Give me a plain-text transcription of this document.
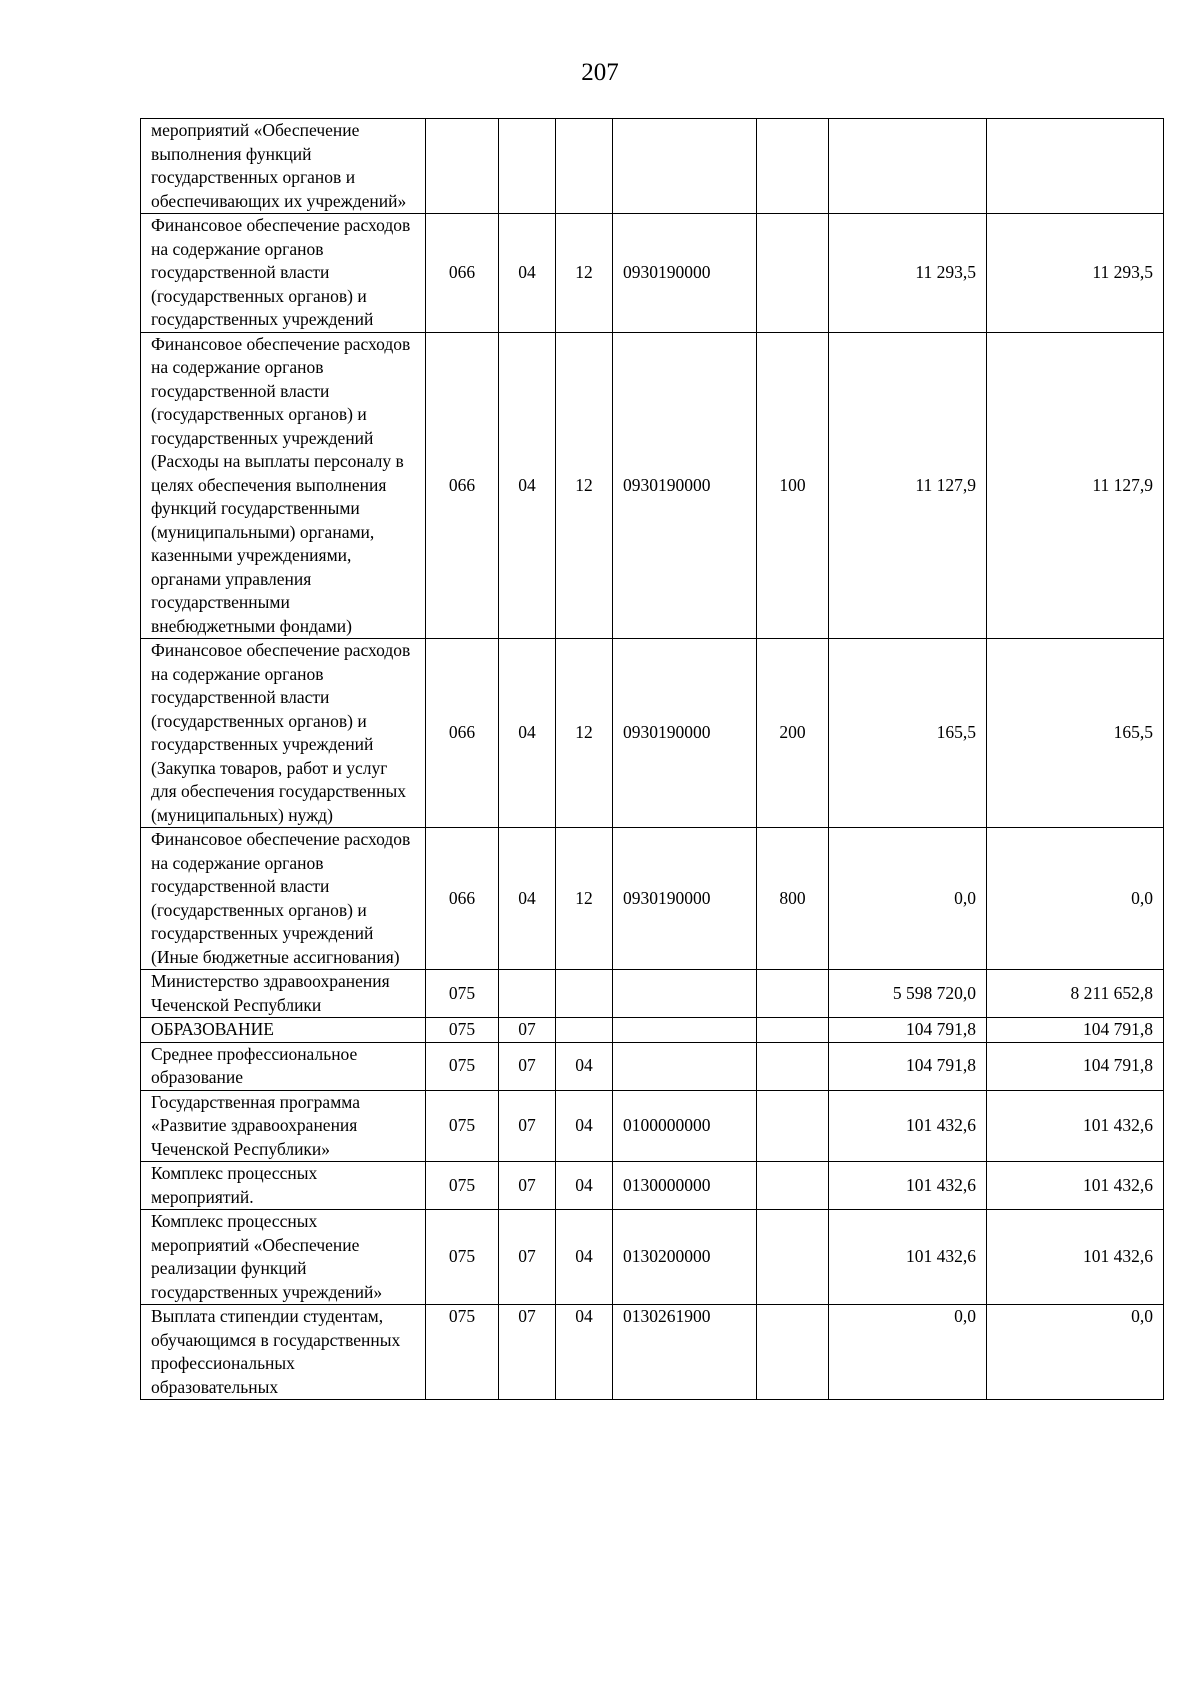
207
мероприятий «Обеспечение выполнения функций государственных органов и обеспечивающих их учреждений»							
Финансовое обеспечение расходов на содержание органов государственной власти (государственных органов) и государственных учреждений	066	04	12	0930190000		11 293,5	11 293,5
Финансовое обеспечение расходов на содержание органов государственной власти (государственных органов) и государственных учреждений (Расходы на выплаты персоналу в целях обеспечения выполнения функций государственными (муниципальными) органами, казенными учреждениями, органами управления государственными внебюджетными фондами)	066	04	12	0930190000	100	11 127,9	11 127,9
Финансовое обеспечение расходов на содержание органов государственной власти (государственных органов) и государственных учреждений (Закупка товаров, работ и услуг для обеспечения государственных (муниципальных) нужд)	066	04	12	0930190000	200	165,5	165,5
Финансовое обеспечение расходов на содержание органов государственной власти (государственных органов) и государственных учреждений (Иные бюджетные ассигнования)	066	04	12	0930190000	800	0,0	0,0
Министерство здравоохранения Чеченской Республики	075					5 598 720,0	8 211 652,8
ОБРАЗОВАНИЕ	075	07				104 791,8	104 791,8
Среднее профессиональное образование	075	07	04			104 791,8	104 791,8
Государственная программа «Развитие здравоохранения Чеченской Республики»	075	07	04	0100000000		101 432,6	101 432,6
Комплекс процессных мероприятий.	075	07	04	0130000000		101 432,6	101 432,6
Комплекс процессных мероприятий «Обеспечение реализации функций государственных учреждений»	075	07	04	0130200000		101 432,6	101 432,6
Выплата стипендии студентам, обучающимся в государственных профессиональных образовательных	075	07	04	0130261900		0,0	0,0
